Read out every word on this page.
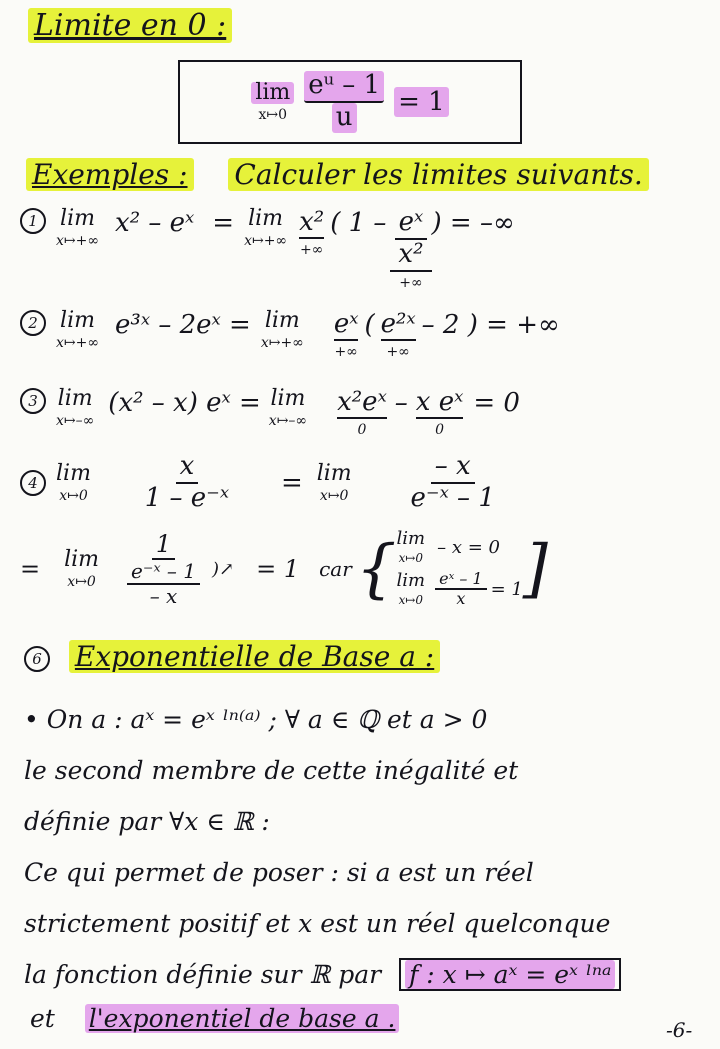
Limite en 0 :
lim
x↦0 $\frac{\text{eᵘ – 1}}{u} = 1$
Exemples : Calculer les limites suivants.
1	lim
x↦+∞
x² – eˣ = lim
x↦+∞
x²
+∞
( $1 - \frac{\text{eˣ}}{\text{x²}}$
+∞
) = –∞
2	lim
x↦+∞
e³ˣ – 2eˣ = lim
x↦+∞
eˣ
+∞
( e²ˣ
+∞
– 2 ) = +∞
3 lim
x↦–∞
(x² – x) eˣ = lim
x↦–∞
x²eˣ
0
– x eˣ
0
= 0
4 lim
x↦0 $\frac{x}{\text{1 – e⁻ˣ}} = \lim$
x↦0 $\frac{- x}{\text{e⁻ˣ – 1}}$
= lim
x↦0 $\frac{1}{\frac{\text{e⁻ˣ – 1}}{- x}}$ )↗ = 1 car { lim
x↦0
– x = 0
lim
x↦0 $\frac{\text{eˣ – 1}}{x} = 1$ ]
6 Exponentielle de Base a :
• On a : aˣ = eˣ ˡⁿ⁽ᵃ⁾ ; ∀ a ∈ ℚ et a > 0
le second membre de cette inégalité et
définie par ∀x ∈ ℝ :
Ce qui permet de poser : si a est un réel
strictement positif et x est un réel quelconque
la fonction définie sur ℝ par f : x ↦ aˣ = eˣ ˡⁿᵃ
et l'exponentiel de base a .	-6-
